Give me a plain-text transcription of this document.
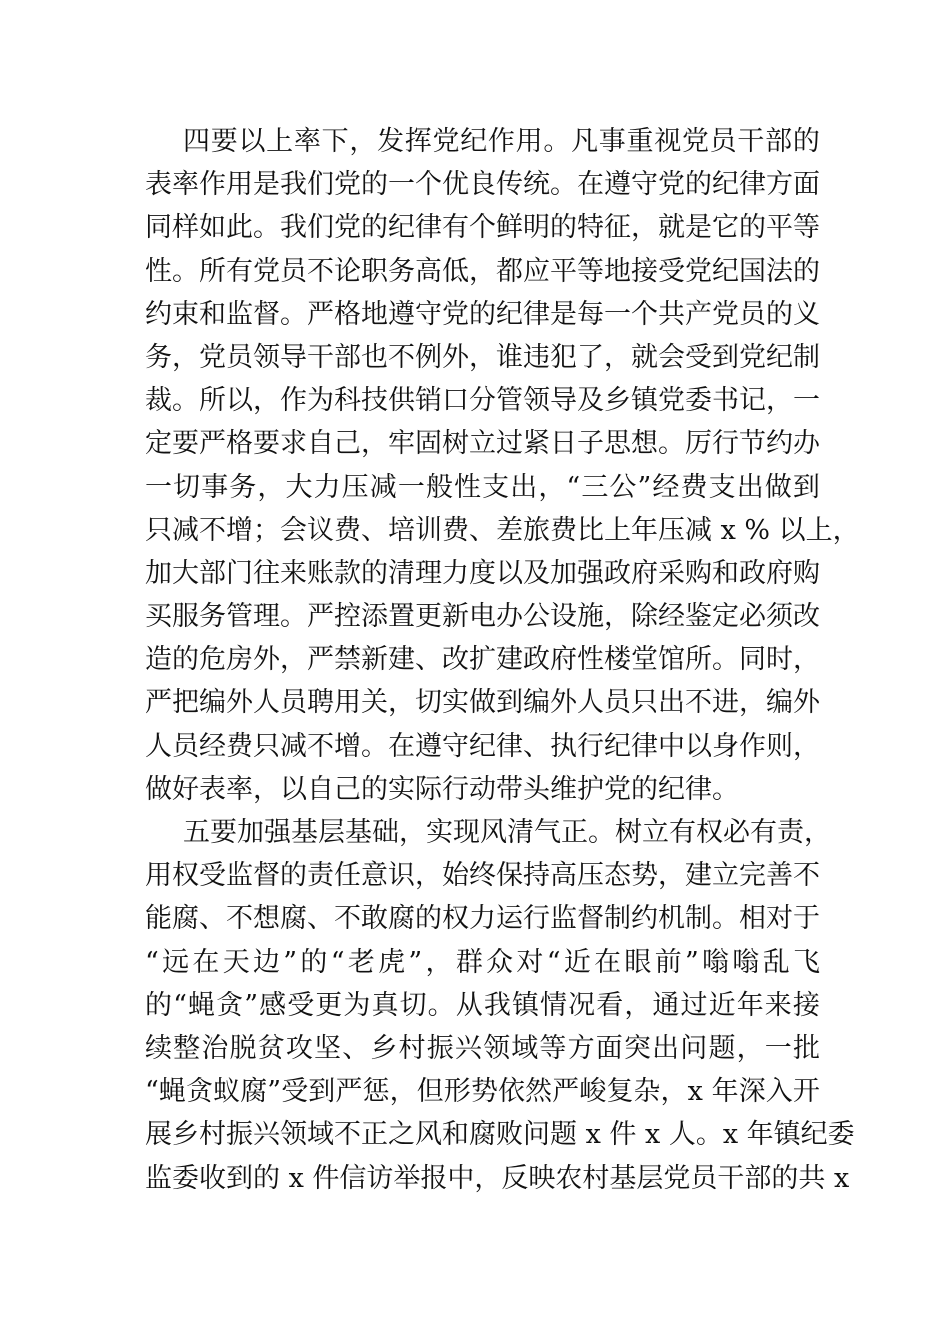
四 要 以 上 率 下 ， 发 挥 党 纪 作 用 。 凡 事 重 视 党 员 干 部 的
表 率 作 用 是 我 们 党 的 一 个 优 良 传 统 。 在 遵 守 党 的 纪 律 方 面
同 样 如 此 。 我 们 党 的 纪 律 有 个 鲜 明 的 特 征 ， 就 是 它 的 平 等
性 。 所 有 党 员 不 论 职 务 高 低 ， 都 应 平 等 地 接 受 党 纪 国 法 的
约 束 和 监 督 。 严 格 地 遵 守 党 的 纪 律 是 每 一 个 共 产 党 员 的 义
务 ， 党 员 领 导 干 部 也 不 例 外 ， 谁 违 犯 了 ， 就 会 受 到 党 纪 制
裁 。 所 以 ， 作 为 科 技 供 销 口 分 管 领 导 及 乡 镇 党 委 书 记 ， 一
定 要 严 格 要 求 自 己 ， 牢 固 树 立 过 紧 日 子 思 想 。 厉 行 节 约 办
一 切 事 务 ， 大 力 压 减 一 般 性 支 出 ， “ 三 公 ” 经 费 支 出 做 到
只 减 不 增 ； 会 议 费 、 培 训 费 、 差 旅 费 比 上 年 压 减
x
%
以 上 ，
加 大 部 门 往 来 账 款 的 清 理 力 度 以 及 加 强 政 府 采 购 和 政 府 购
买 服 务 管 理 。 严 控 添 置 更 新 电 办 公 设 施 ， 除 经 鉴 定 必 须 改
造 的 危 房 外 ， 严 禁 新 建 、 改 扩 建 政 府 性 楼 堂 馆 所 。 同 时 ，
严 把 编 外 人 员 聘 用 关 ， 切 实 做 到 编 外 人 员 只 出 不 进 ， 编 外
人 员 经 费 只 减 不 增 。 在 遵 守 纪 律 、 执 行 纪 律 中 以 身 作 则 ，
做好表率，以自己的实际行动带头维护党的纪律。
五 要 加 强 基 层 基 础 ， 实 现 风 清 气 正 。 树 立 有 权 必 有 责 ，
用 权 受 监 督 的 责 任 意 识 ， 始 终 保 持 高 压 态 势 ， 建 立 完 善 不
能 腐 、 不 想 腐 、 不 敢 腐 的 权 力 运 行 监 督 制 约 机 制 。 相 对 于
“ 远 在 天 边 ” 的 “ 老 虎 ” ， 群 众 对 “ 近 在 眼 前 ” 嗡 嗡 乱 飞
的 “ 蝇 贪 ” 感 受 更 为 真 切 。 从 我 镇 情 况 看 ， 通 过 近 年 来 接
续 整 治 脱 贫 攻 坚 、 乡 村 振 兴 领 域 等 方 面 突 出 问 题 ， 一 批
“ 蝇 贪 蚁 腐 ” 受 到 严 惩 ， 但 形 势 依 然 严 峻 复 杂 ， x
年 深 入 开
展 乡 村 振 兴 领 域 不 正 之 风 和 腐 败 问 题
x
件
x
人 。 x
年 镇 纪 委
监 委 收 到 的
x
件 信 访 举 报 中 ， 反 映 农 村 基 层 党 员 干 部 的 共
x
